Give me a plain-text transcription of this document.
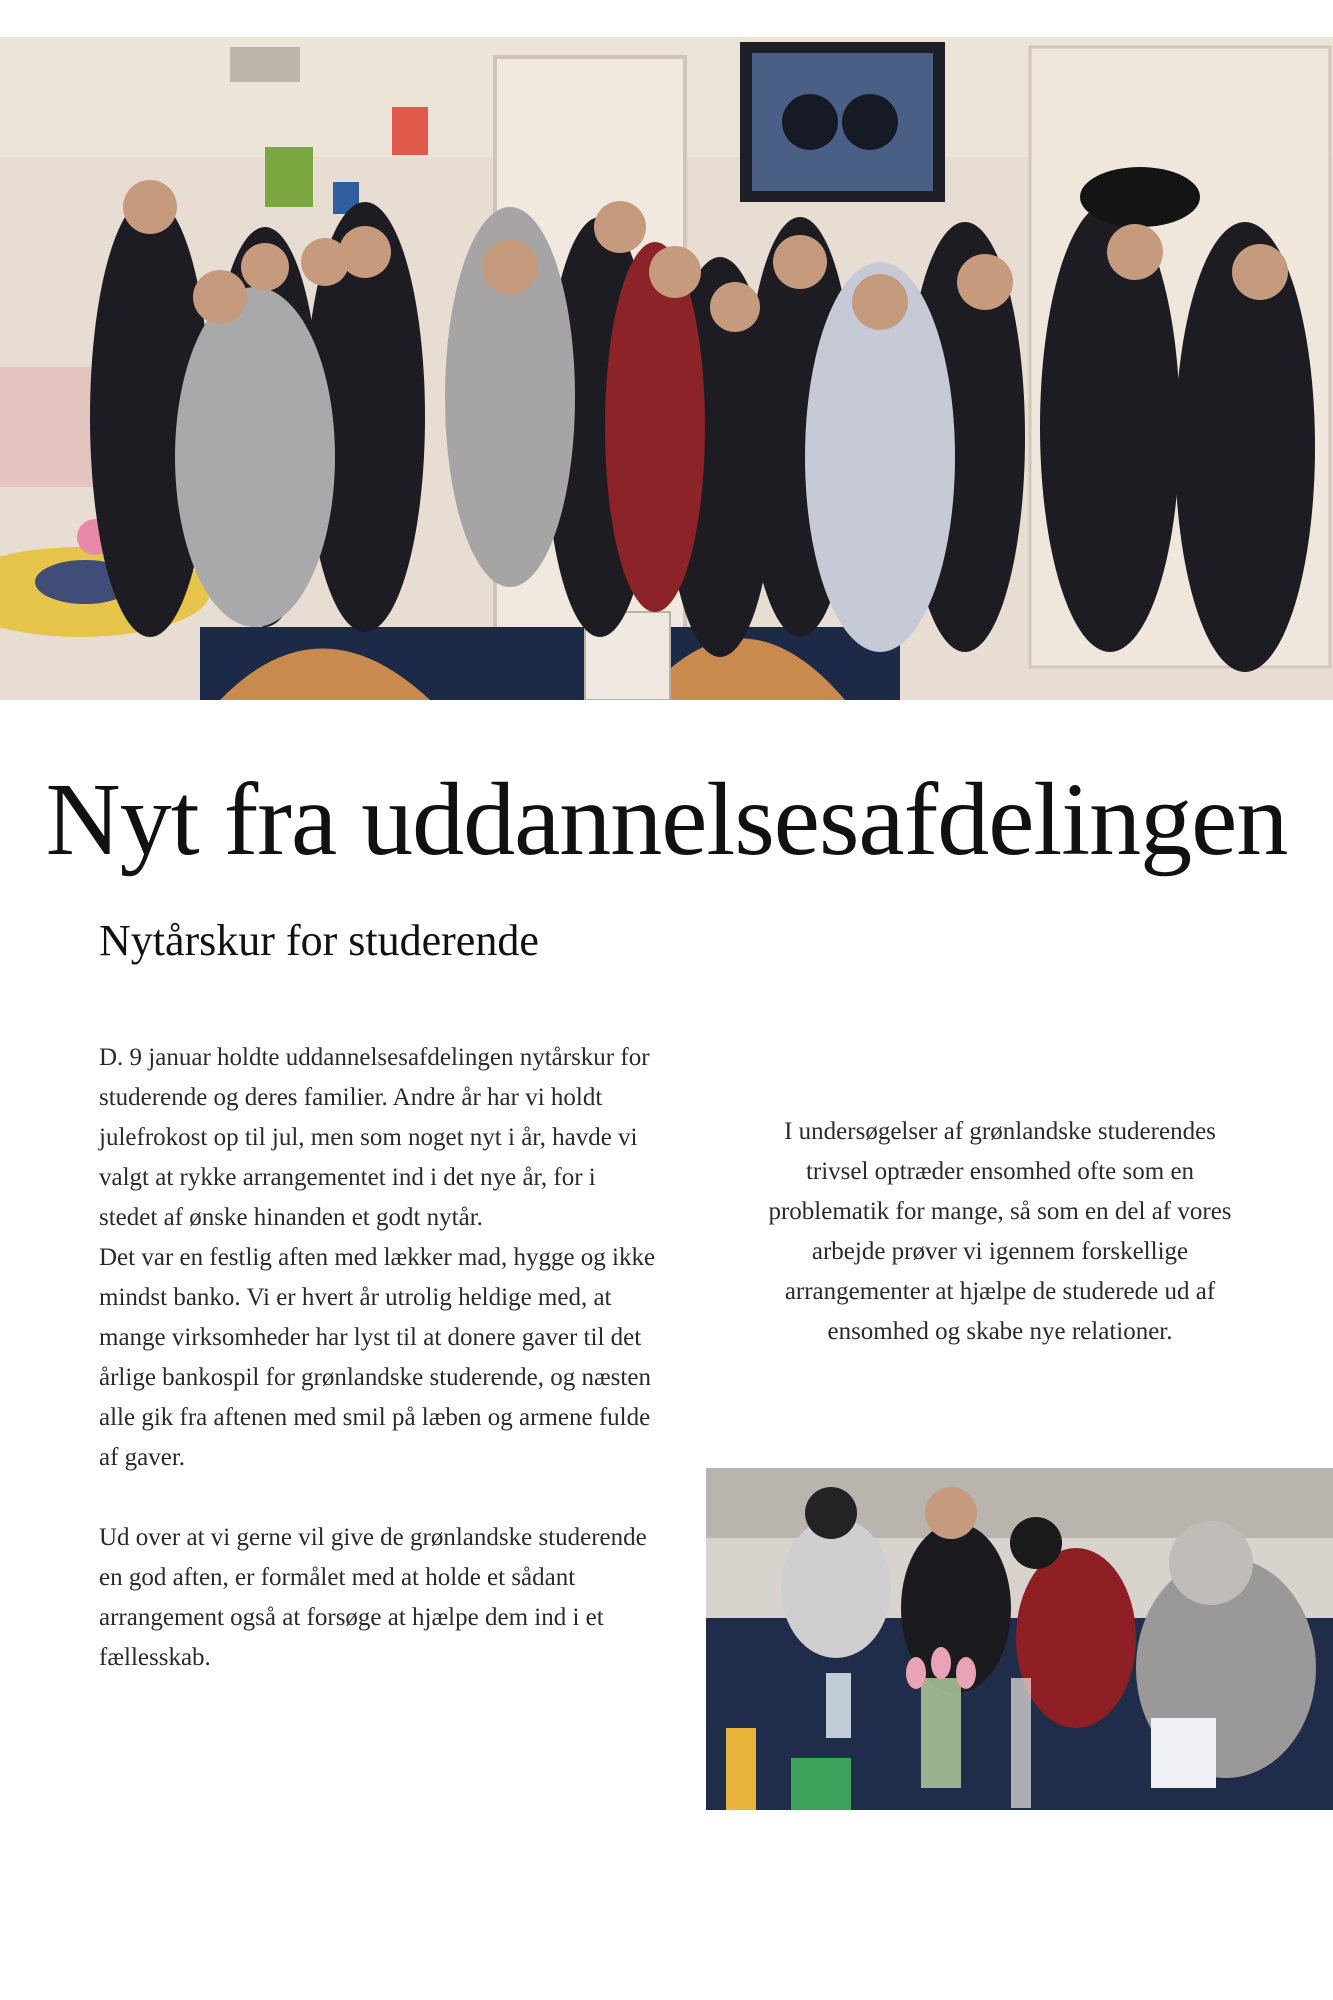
Nyt fra uddannelsesafdelingen
Nytårskur for studerende

D. 9 januar holdte uddannelsesafdelingen nytårskur for studerende og deres familier. Andre år har vi holdt julefrokost op til jul, men som noget nyt i år, havde vi valgt at rykke arrangementet ind i det nye år, for i stedet af ønske hinanden et godt nytår.
Det var en festlig aften med lækker mad, hygge og ikke mindst banko. Vi er hvert år utrolig heldige med, at mange virksomheder har lyst til at donere gaver til det årlige bankospil for grønlandske studerende, og næsten alle gik fra aftenen med smil på læben og armene fulde af gaver.

Ud over at vi gerne vil give de grønlandske studerende en god aften, er formålet med at holde et sådant arrangement også at forsøge at hjælpe dem ind i et fællesskab.

I undersøgelser af grønlandske studerendes trivsel optræder ensomhed ofte som en problematik for mange, så som en del af vores arbejde prøver vi igennem forskellige arrangementer at hjælpe de studerede ud af ensomhed og skabe nye relationer.
